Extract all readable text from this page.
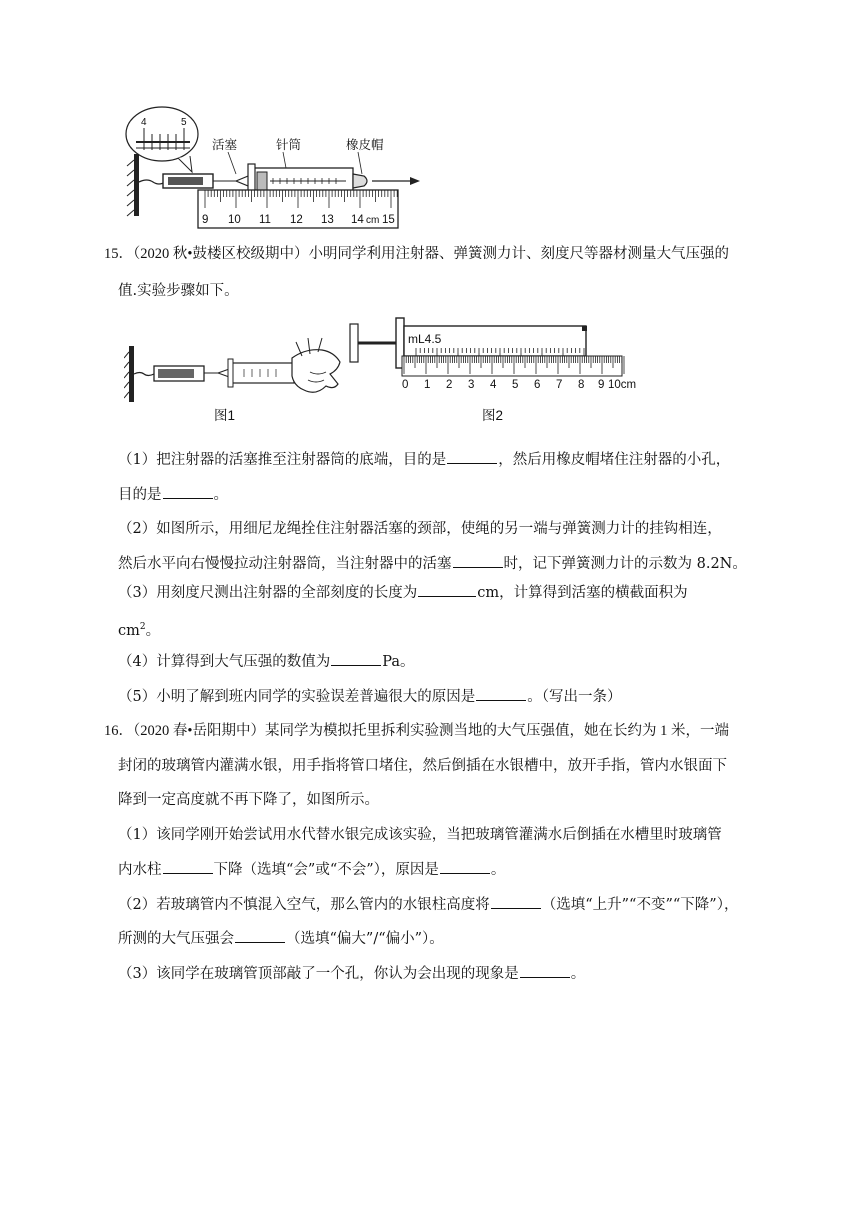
4	5
活塞	针筒	橡皮帽
9 10 11 12 13 14 cm 15
15．（2020 秋•鼓楼区校级期中）小明同学利用注射器、弹簧测力计、刻度尺等器材测量大气压强的
值.实验步骤如下。
图1
mL4.5
0 1 2 3 4 5 6 7 8 9 10cm
图2
（1）把注射器的活塞推至注射器筒的底端，目的是	，然后用橡皮帽堵住注射器的小孔，
目的是	。
（2）如图所示，用细尼龙绳拴住注射器活塞的颈部，使绳的另一端与弹簧测力计的挂钩相连，
然后水平向右慢慢拉动注射器筒，当注射器中的活塞	时，记下弹簧测力计的示数为 8.2N。
（3）用刻度尺测出注射器的全部刻度的长度为	cm，计算得到活塞的横截面积为
$cm^2$。
（4）计算得到大气压强的数值为	Pa。
（5）小明了解到班内同学的实验误差普遍很大的原因是	。（写出一条）
16．（2020 春•岳阳期中）某同学为模拟托里拆利实验测当地的大气压强值，她在长约为 1 米，一端
封闭的玻璃管内灌满水银，用手指将管口堵住，然后倒插在水银槽中，放开手指，管内水银面下
降到一定高度就不再下降了，如图所示。
（1）该同学刚开始尝试用水代替水银完成该实验，当把玻璃管灌满水后倒插在水槽里时玻璃管
内水柱	下降（选填“会”或“不会”），原因是	。
（2）若玻璃管内不慎混入空气，那么管内的水银柱高度将	（选填“上升”“不变”“下降”），
所测的大气压强会	（选填“偏大”/“偏小”）。
（3）该同学在玻璃管顶部敲了一个孔，你认为会出现的现象是	。
